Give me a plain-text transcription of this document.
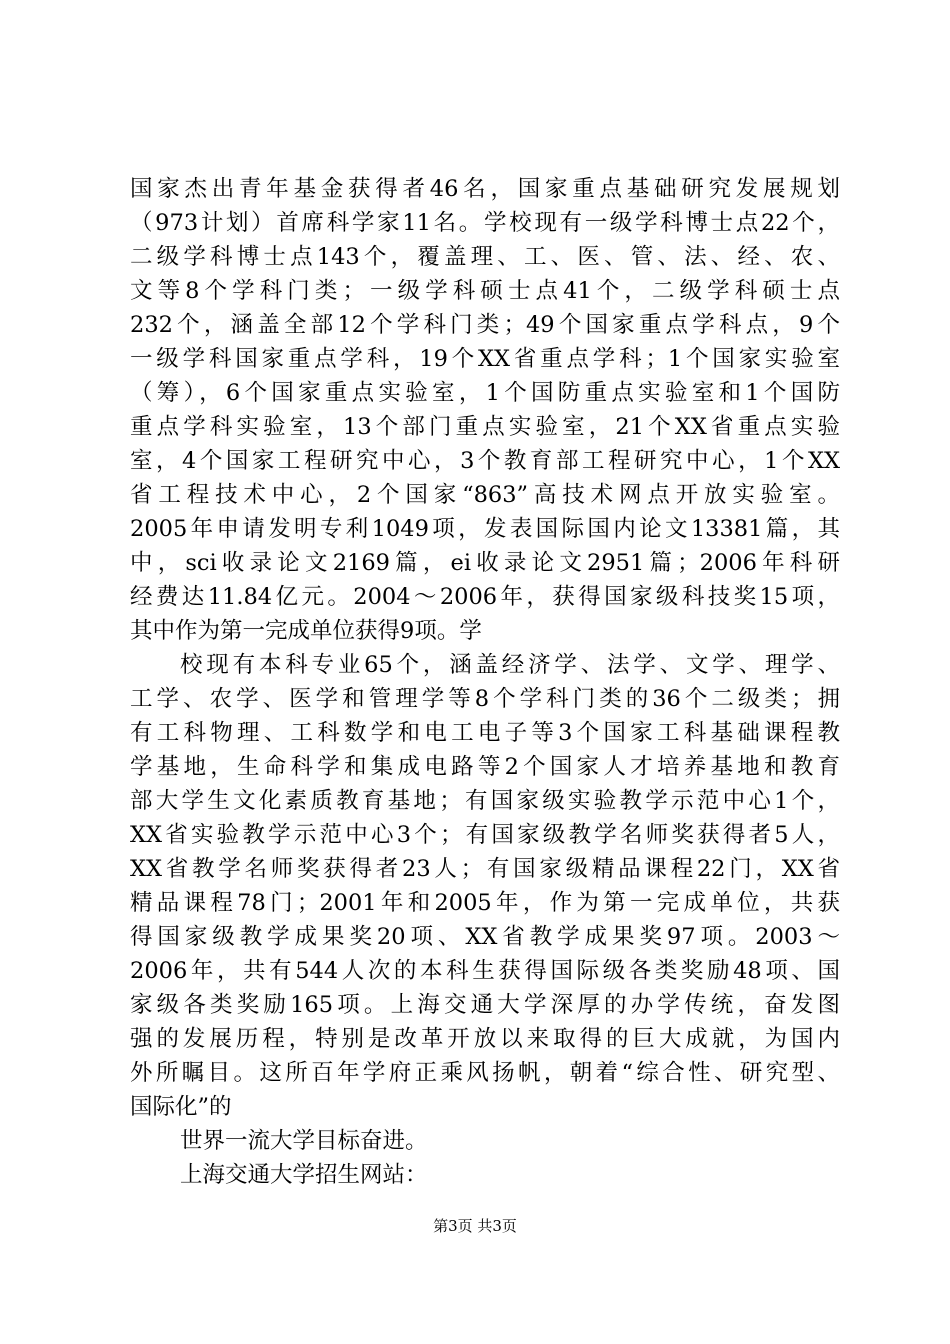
国家杰出青年基金获得者46名，国家重点基础研究发展规划
（973计划）首席科学家11名。学校现有一级学科博士点22个，
二级学科博士点143个，覆盖理、工、医、管、法、经、农、
文等8个学科门类；一级学科硕士点41个，二级学科硕士点
232个，涵盖全部12个学科门类；49个国家重点学科点，9个
一级学科国家重点学科，19个XX省重点学科；1个国家实验室
（筹），6个国家重点实验室，1个国防重点实验室和1个国防
重点学科实验室，13个部门重点实验室，21个XX省重点实验
室，4个国家工程研究中心，3个教育部工程研究中心，1个XX
省工程技术中心，2个国家“863”高技术网点开放实验室。
2005年申请发明专利1049项，发表国际国内论文13381篇，其
中，sci收录论文2169篇，ei收录论文2951篇；2006年科研
经费达11.84亿元。2004～2006年，获得国家级科技奖15项，
其中作为第一完成单位获得9项。学
校现有本科专业65个，涵盖经济学、法学、文学、理学、
工学、农学、医学和管理学等8个学科门类的36个二级类；拥
有工科物理、工科数学和电工电子等3个国家工科基础课程教
学基地，生命科学和集成电路等2个国家人才培养基地和教育
部大学生文化素质教育基地；有国家级实验教学示范中心1个，
XX省实验教学示范中心3个；有国家级教学名师奖获得者5人，
XX省教学名师奖获得者23人；有国家级精品课程22门，XX省
精品课程78门；2001年和2005年，作为第一完成单位，共获
得国家级教学成果奖20项、XX省教学成果奖97项。2003～
2006年，共有544人次的本科生获得国际级各类奖励48项、国
家级各类奖励165项。上海交通大学深厚的办学传统，奋发图
强的发展历程，特别是改革开放以来取得的巨大成就，为国内
外所瞩目。这所百年学府正乘风扬帆，朝着“综合性、研究型、
国际化”的
世界一流大学目标奋进。
上海交通大学招生网站：
第3页 共3页
